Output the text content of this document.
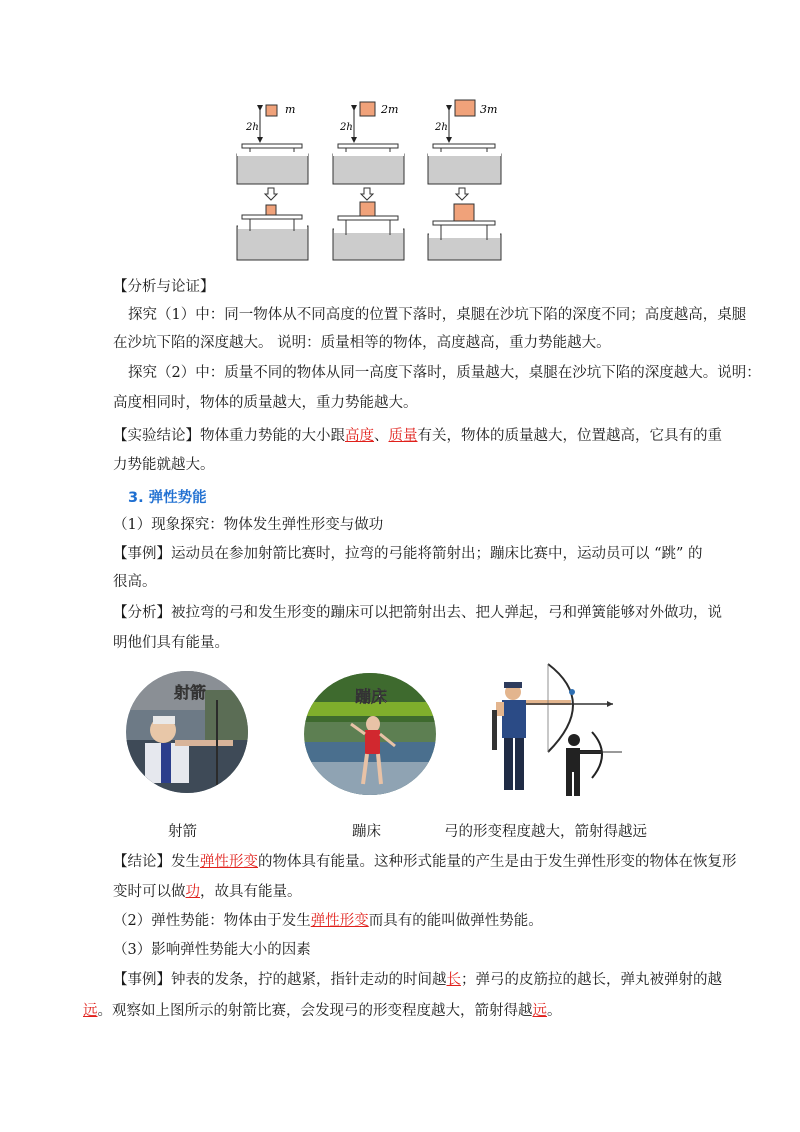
m
2h
2m
2h
3m
2h
【分析与论证】
探究（1）中：同一物体从不同高度的位置下落时，桌腿在沙坑下陷的深度不同；高度越高，桌腿
在沙坑下陷的深度越大。 说明：质量相等的物体，高度越高，重力势能越大。
探究（2）中：质量不同的物体从同一高度下落时，质量越大，桌腿在沙坑下陷的深度越大。说明：
高度相同时，物体的质量越大，重力势能越大。
【实验结论】物体重力势能的大小跟高度、质量有关，物体的质量越大，位置越高，它具有的重
力势能就越大。
3. 弹性势能
（1）现象探究：物体发生弹性形变与做功
【事例】运动员在参加射箭比赛时，拉弯的弓能将箭射出；蹦床比赛中，运动员可以 “跳” 的
很高。
【分析】被拉弯的弓和发生形变的蹦床可以把箭射出去、把人弹起，弓和弹簧能够对外做功，说
明他们具有能量。
射箭	蹦床
射箭	蹦床	弓的形变程度越大，箭射得越远
【结论】发生弹性形变的物体具有能量。这种形式能量的产生是由于发生弹性形变的物体在恢复形
变时可以做功，故具有能量。
（2）弹性势能：物体由于发生弹性形变而具有的能叫做弹性势能。
（3）影响弹性势能大小的因素
【事例】钟表的发条，拧的越紧，指针走动的时间越长；弹弓的皮筋拉的越长，弹丸被弹射的越
远。观察如上图所示的射箭比赛，会发现弓的形变程度越大，箭射得越远。
